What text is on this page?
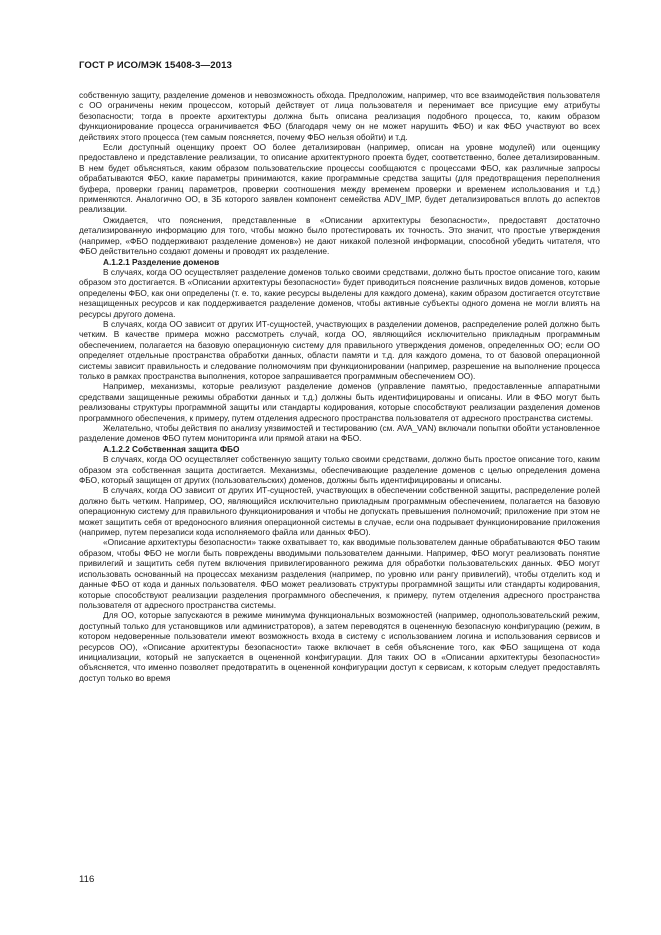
ГОСТ Р ИСО/МЭК 15408-3—2013

собственную защиту, разделение доменов и невозможность обхода. Предположим, например, что все взаимодействия пользователя с ОО ограничены неким процессом, который действует от лица пользователя и перенимает все присущие ему атрибуты безопасности; тогда в проекте архитектуры должна быть описана реализация подобного процесса, то, каким образом функционирование процесса ограничивается ФБО (благодаря чему он не может нарушить ФБО) и как ФБО участвуют во всех действиях этого процесса (тем самым поясняется, почему ФБО нельзя обойти) и т.д.

Если доступный оценщику проект ОО более детализирован (например, описан на уровне модулей) или оценщику предоставлено и представление реализации, то описание архитектурного проекта будет, соответственно, более детализированным. В нем будет объясняться, каким образом пользовательские процессы сообщаются с процессами ФБО, как различные запросы обрабатываются ФБО, какие параметры принимаются, какие программные средства защиты (для предотвращения переполнения буфера, проверки границ параметров, проверки соотношения между временем проверки и временем использования и т.д.) применяются. Аналогично ОО, в ЗБ которого заявлен компонент семейства ADV_IMP, будет детализироваться вплоть до аспектов реализации.

Ожидается, что пояснения, представленные в «Описании архитектуры безопасности», предоставят достаточно детализированную информацию для того, чтобы можно было протестировать их точность. Это значит, что простые утверждения (например, «ФБО поддерживают разделение доменов») не дают никакой полезной информации, способной убедить читателя, что ФБО действительно создают домены и проводят их разделение.

А.1.2.1 Разделение доменов

В случаях, когда ОО осуществляет разделение доменов только своими средствами, должно быть простое описание того, каким образом это достигается. В «Описании архитектуры безопасности» будет приводиться пояснение различных видов доменов, которые определены ФБО, как они определены (т. е. то, какие ресурсы выделены для каждого домена), каким образом достигается отсутствие незащищенных ресурсов и как поддерживается разделение доменов, чтобы активные субъекты одного домена не могли влиять на ресурсы другого домена.

В случаях, когда ОО зависит от других ИТ-сущностей, участвующих в разделении доменов, распределение ролей должно быть четким. В качестве примера можно рассмотреть случай, когда ОО, являющийся исключительно прикладным программным обеспечением, полагается на базовую операционную систему для правильного утверждения доменов, определенных ОО; если ОО определяет отдельные пространства обработки данных, области памяти и т.д. для каждого домена, то от базовой операционной системы зависит правильность и следование полномочиям при функционировании (например, разрешение на выполнение процесса только в рамках пространства выполнения, которое запрашивается программным обеспечением ОО).

Например, механизмы, которые реализуют разделение доменов (управление памятью, предоставленные аппаратными средствами защищенные режимы обработки данных и т.д.) должны быть идентифицированы и описаны. Или в ФБО могут быть реализованы структуры программной защиты или стандарты кодирования, которые способствуют реализации разделения доменов программного обеспечения, к примеру, путем отделения адресного пространства пользователя от адресного пространства системы.

Желательно, чтобы действия по анализу уязвимостей и тестированию (см. AVA_VAN) включали попытки обойти установленное разделение доменов ФБО путем мониторинга или прямой атаки на ФБО.

А.1.2.2 Собственная защита ФБО

В случаях, когда ОО осуществляет собственную защиту только своими средствами, должно быть простое описание того, каким образом эта собственная защита достигается. Механизмы, обеспечивающие разделение доменов с целью определения домена ФБО, который защищен от других (пользовательских) доменов, должны быть идентифицированы и описаны.

В случаях, когда ОО зависит от других ИТ-сущностей, участвующих в обеспечении собственной защиты, распределение ролей должно быть четким. Например, ОО, являющийся исключительно прикладным программным обеспечением, полагается на базовую операционную систему для правильного функционирования и чтобы не допускать превышения полномочий; приложение при этом не может защитить себя от вредоносного влияния операционной системы в случае, если она подрывает функционирование приложения (например, путем перезаписи кода исполняемого файла или данных ФБО).

«Описание архитектуры безопасности» также охватывает то, как вводимые пользователем данные обрабатываются ФБО таким образом, чтобы ФБО не могли быть повреждены вводимыми пользователем данными. Например, ФБО могут реализовать понятие привилегий и защитить себя путем включения привилегированного режима для обработки пользовательских данных. ФБО могут использовать основанный на процессах механизм разделения (например, по уровню или рангу привилегий), чтобы отделить код и данные ФБО от кода и данных пользователя. ФБО может реализовать структуры программной защиты или стандарты кодирования, которые способствуют реализации разделения программного обеспечения, к примеру, путем отделения адресного пространства пользователя от адресного пространства системы.

Для ОО, которые запускаются в режиме минимума функциональных возможностей (например, однопользовательский режим, доступный только для установщиков или администраторов), а затем переводятся в оцененную безопасную конфигурацию (режим, в котором недоверенные пользователи имеют возможность входа в систему с использованием логина и использования сервисов и ресурсов ОО), «Описание архитектуры безопасности» также включает в себя объяснение того, как ФБО защищена от кода инициализации, который не запускается в оцененной конфигурации. Для таких ОО в «Описании архитектуры безопасности» объясняется, что именно позволяет предотвратить в оцененной конфигурации доступ к сервисам, к которым следует предоставлять доступ только во время

116
